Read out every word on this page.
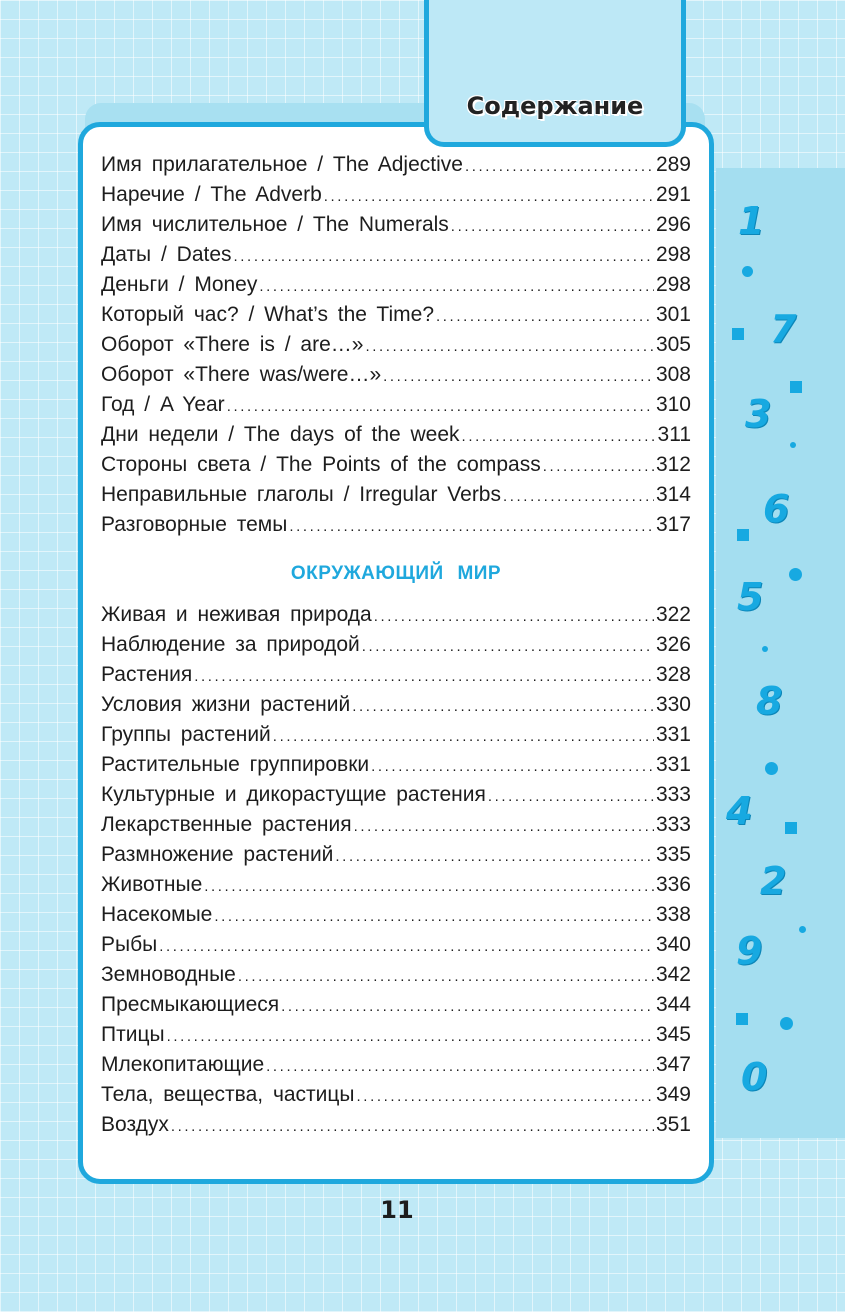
Содержание
Имя прилагательное / The Adjective .....	289
Наречие / The Adverb .....	291
Имя числительное / The Numerals .....	296
Даты / Dates .....	298
Деньги / Money .....	298
Который час? / What’s the Time? .....	301
Оборот «There is / are…» .....	305
Оборот «There was/were…» .....	308
Год / A Year .....	310
Дни недели / The days of the week .....	311
Стороны света / The Points of the compass .....	312
Неправильные глаголы / Irregular Verbs .....	314
Разговорные темы .....	317
ОКРУЖАЮЩИЙ МИР
Живая и неживая природа .....	322
Наблюдение за природой .....	326
Растения .....	328
Условия жизни растений .....	330
Группы растений .....	331
Растительные группировки .....	331
Культурные и дикорастущие растения .....	333
Лекарственные растения .....	333
Размножение растений .....	335
Животные .....	336
Насекомые .....	338
Рыбы .....	340
Земноводные .....	342
Пресмыкающиеся .....	344
Птицы .....	345
Млекопитающие .....	347
Тела, вещества, частицы .....	349
Воздух .....	351
11
1
7
3
6
5
8
4
2
9
0
